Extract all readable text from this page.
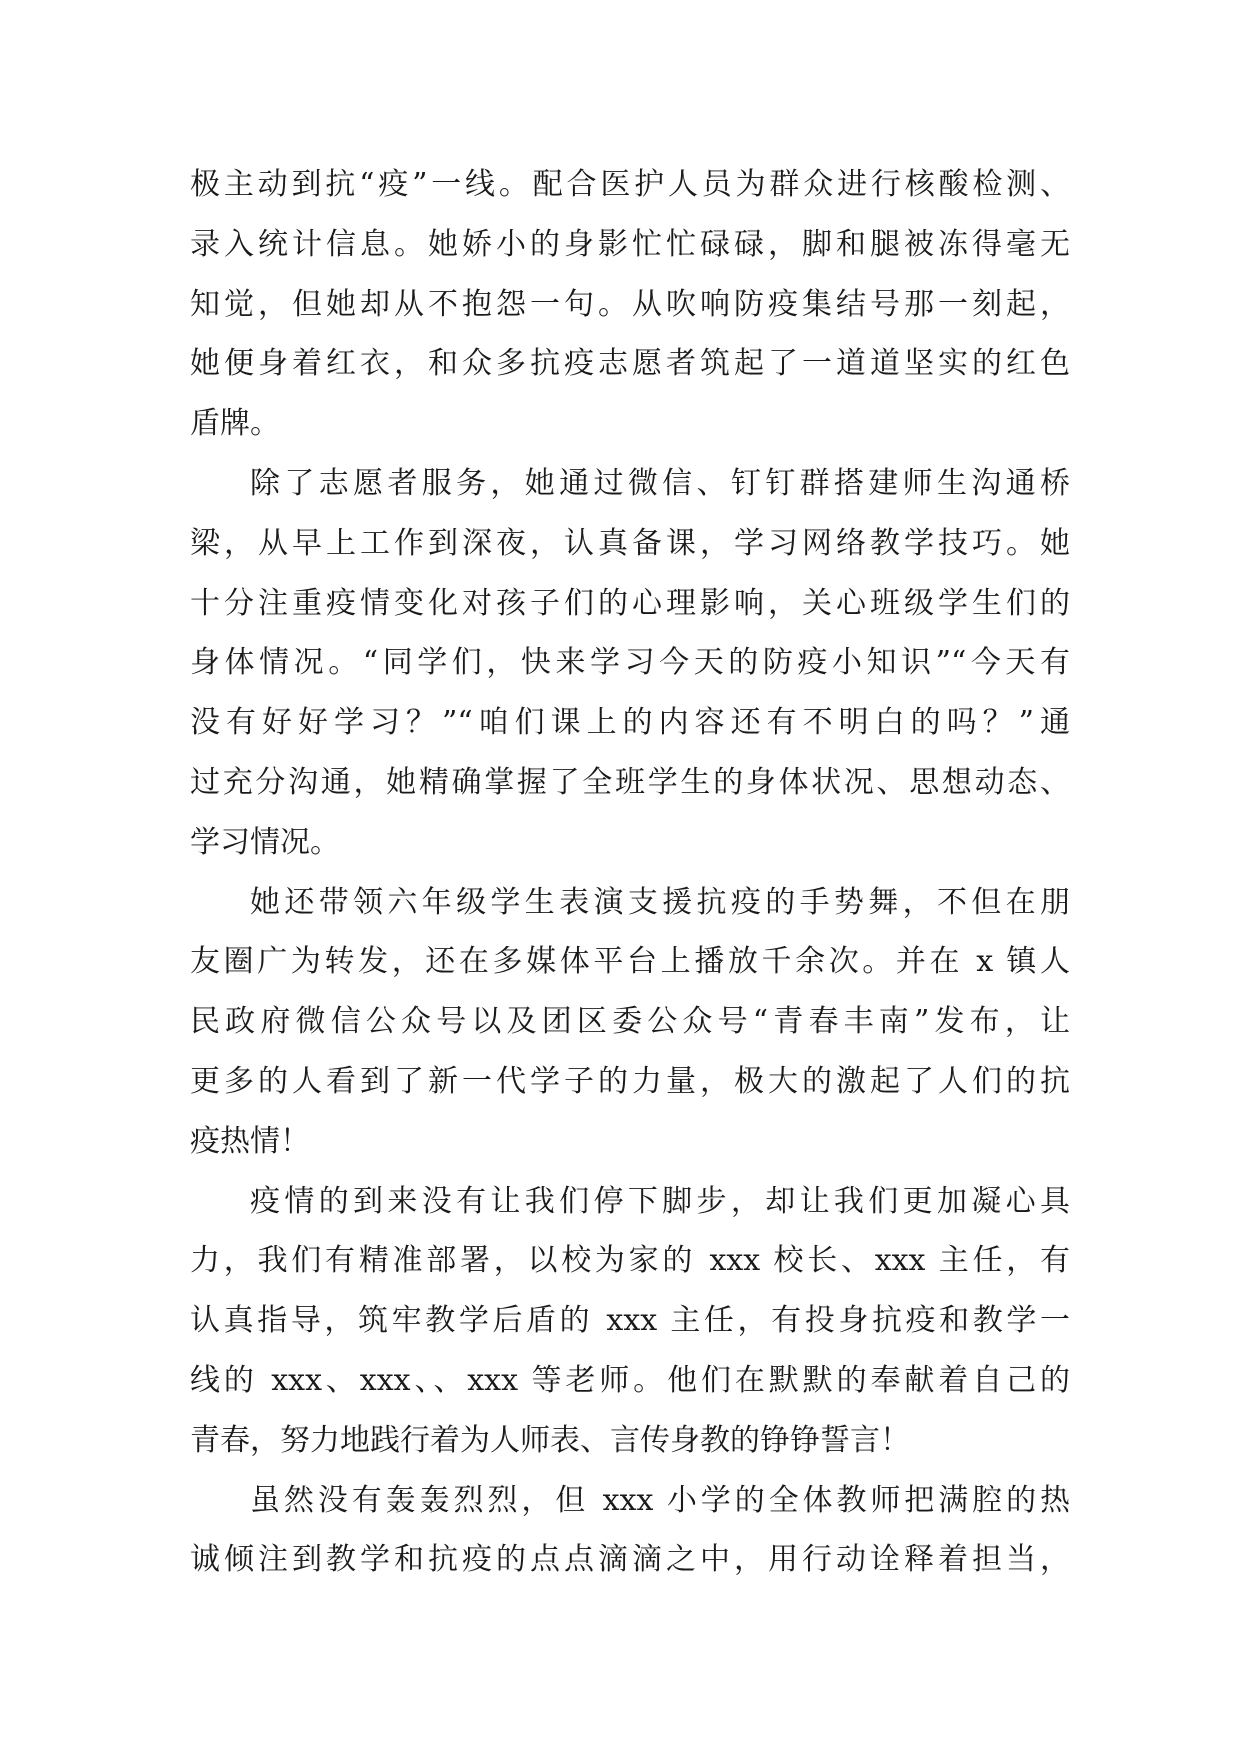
极主动到抗“疫”一线。配合医护人员为群众进行核酸检测、
录入统计信息。她娇小的身影忙忙碌碌，脚和腿被冻得毫无
知觉，但她却从不抱怨一句。从吹响防疫集结号那一刻起，
她便身着红衣，和众多抗疫志愿者筑起了一道道坚实的红色
盾牌。
除了志愿者服务，她通过微信、钉钉群搭建师生沟通桥
梁，从早上工作到深夜，认真备课，学习网络教学技巧。她
十分注重疫情变化对孩子们的心理影响，关心班级学生们的
身体情况。“同学们，快来学习今天的防疫小知识”“今天有
没有好好学习？”“咱们课上的内容还有不明白的吗？”通
过充分沟通，她精确掌握了全班学生的身体状况、思想动态、
学习情况。
她还带领六年级学生表演支援抗疫的手势舞，不但在朋
友圈广为转发，还在多媒体平台上播放千余次。并在 x 镇人
民政府微信公众号以及团区委公众号“青春丰南”发布，让
更多的人看到了新一代学子的力量，极大的激起了人们的抗
疫热情！
疫情的到来没有让我们停下脚步，却让我们更加凝心具
力，我们有精准部署，以校为家的 xxx 校长、xxx 主任，有
认真指导，筑牢教学后盾的 xxx 主任，有投身抗疫和教学一
线的 xxx、xxx、、xxx 等老师。他们在默默的奉献着自己的
青春，努力地践行着为人师表、言传身教的铮铮誓言！
虽然没有轰轰烈烈，但 xxx 小学的全体教师把满腔的热
诚倾注到教学和抗疫的点点滴滴之中，用行动诠释着担当，
